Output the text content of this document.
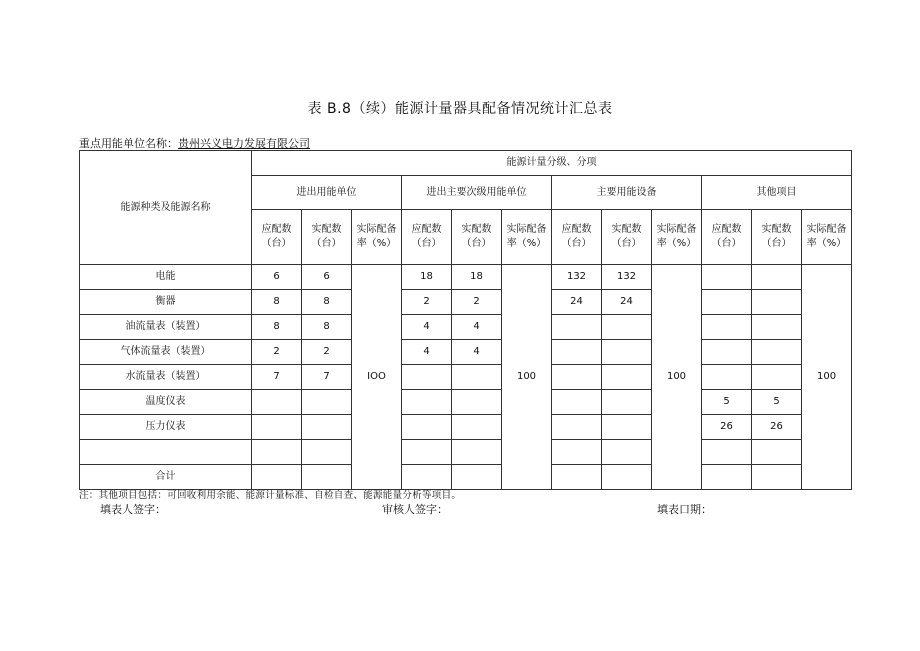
表 B.8（续）能源计量器具配备情况统计汇总表
重点用能单位名称：贵州兴义电力发展有限公司
能源种类及能源名称	能源计量分级、分项											
	进出用能单位			进出主要次级用能单位			主要用能设备			其他项目		
	应配数（台）	实配数（台）	实际配备率（%）	应配数（台）	实配数（台）	实际配备率（%）	应配数（台）	实配数（台）	实际配备率（%）	应配数（台）	实配数（台）	实际配备率（%）
电能	6	6	IOO	18	18	100	132	132	100			100
衡器	8	8		2	2		24	24				
油流量表（装置）	8	8		4	4							
气体流量表（装置）	2	2		4	4							
水流量表（装置）	7	7										
温度仪表										5	5	
压力仪表										26	26	

合计												
注：其他项目包括：可回收利用余能、能源计量标准、自检自查、能源能量分析等项目。
填表人签字：	审核人签字：	填表口期：
